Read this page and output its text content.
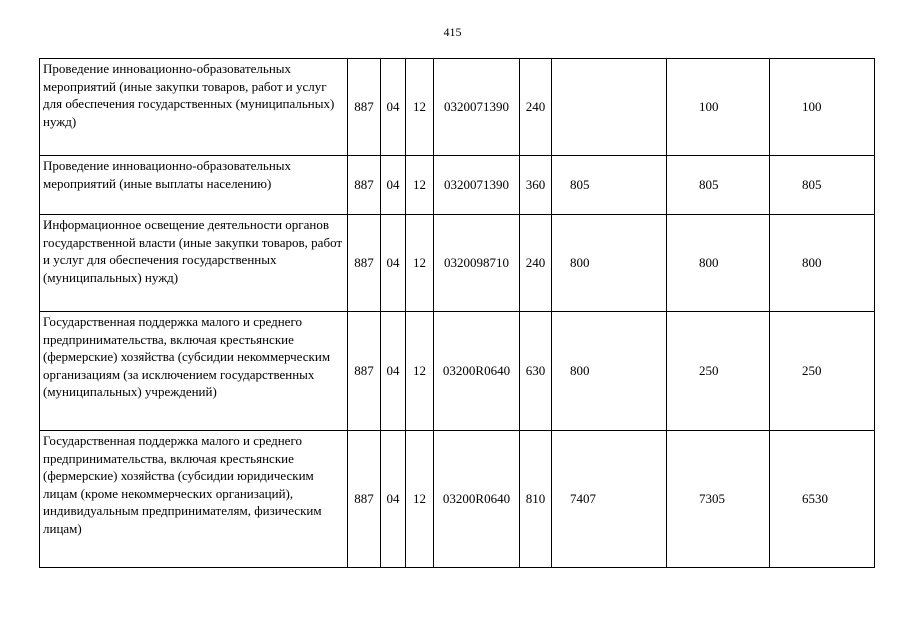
415
Проведение инновационно-образовательных мероприятий (иные закупки товаров, работ и услуг для обеспечения государственных (муниципальных) нужд)	887	04	12	0320071390	240		100	100
Проведение инновационно-образовательных мероприятий (иные выплаты населению)	887	04	12	0320071390	360	805	805	805
Информационное освещение деятельности органов государственной власти (иные закупки товаров, работ и услуг для обеспечения государственных (муниципальных) нужд)	887	04	12	0320098710	240	800	800	800
Государственная поддержка малого и среднего предпринимательства, включая крестьянские (фермерские) хозяйства (субсидии некоммерческим организациям (за исключением государственных (муниципальных) учреждений)	887	04	12	03200R0640	630	800	250	250
Государственная поддержка малого и среднего предпринимательства, включая крестьянские (фермерские) хозяйства (субсидии юридическим лицам (кроме некоммерческих организаций), индивидуальным предпринимателям, физическим лицам)	887	04	12	03200R0640	810	7407	7305	6530
